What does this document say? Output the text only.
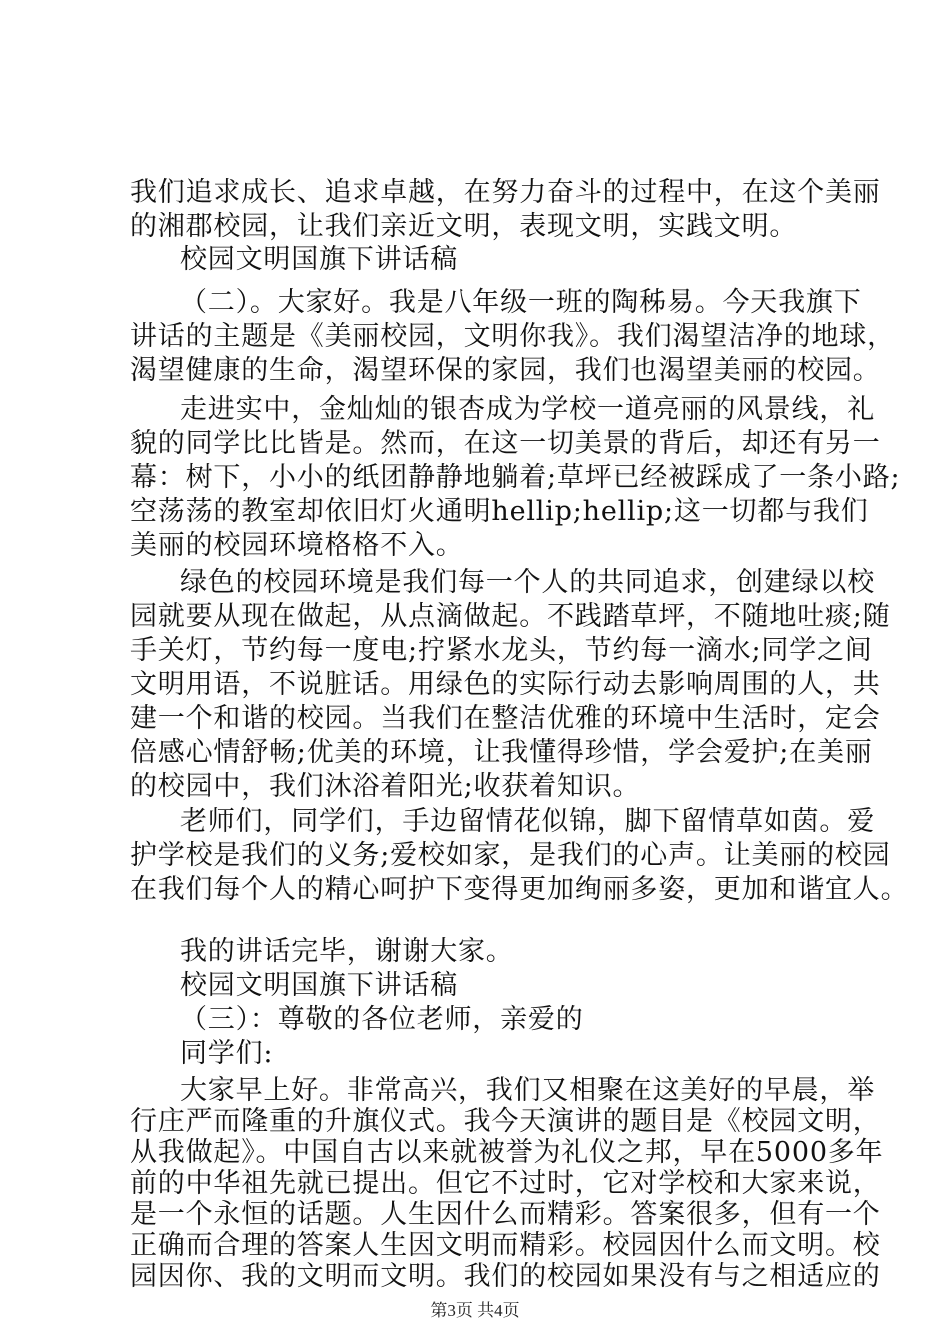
我们追求成长、追求卓越，在努力奋斗的过程中，在这个美丽
的湘郡校园，让我们亲近文明，表现文明，实践文明。
校园文明国旗下讲话稿
（二）。大家好。我是八年级一班的陶秭易。今天我旗下
讲话的主题是《美丽校园，文明你我》。我们渴望洁净的地球，
渴望健康的生命，渴望环保的家园，我们也渴望美丽的校园。
走进实中，金灿灿的银杏成为学校一道亮丽的风景线，礼
貌的同学比比皆是。然而，在这一切美景的背后，却还有另一
幕：树下，小小的纸团静静地躺着;草坪已经被踩成了一条小路;
空荡荡的教室却依旧灯火通明hellip;hellip;这一切都与我们
美丽的校园环境格格不入。
绿色的校园环境是我们每一个人的共同追求，创建绿以校
园就要从现在做起，从点滴做起。不践踏草坪，不随地吐痰;随
手关灯，节约每一度电;拧紧水龙头，节约每一滴水;同学之间
文明用语，不说脏话。用绿色的实际行动去影响周围的人，共
建一个和谐的校园。当我们在整洁优雅的环境中生活时，定会
倍感心情舒畅;优美的环境，让我懂得珍惜，学会爱护;在美丽
的校园中，我们沐浴着阳光;收获着知识。
老师们，同学们，手边留情花似锦，脚下留情草如茵。爱
护学校是我们的义务;爱校如家，是我们的心声。让美丽的校园
在我们每个人的精心呵护下变得更加绚丽多姿，更加和谐宜人。
我的讲话完毕，谢谢大家。
校园文明国旗下讲话稿
（三）：尊敬的各位老师，亲爱的
同学们:
大家早上好。非常高兴，我们又相聚在这美好的早晨，举
行庄严而隆重的升旗仪式。我今天演讲的题目是《校园文明，
从我做起》。中国自古以来就被誉为礼仪之邦，早在5000多年
前的中华祖先就已提出。但它不过时，它对学校和大家来说，
是一个永恒的话题。人生因什么而精彩。答案很多，但有一个
正确而合理的答案人生因文明而精彩。校园因什么而文明。校
园因你、我的文明而文明。我们的校园如果没有与之相适应的
第3页 共4页
